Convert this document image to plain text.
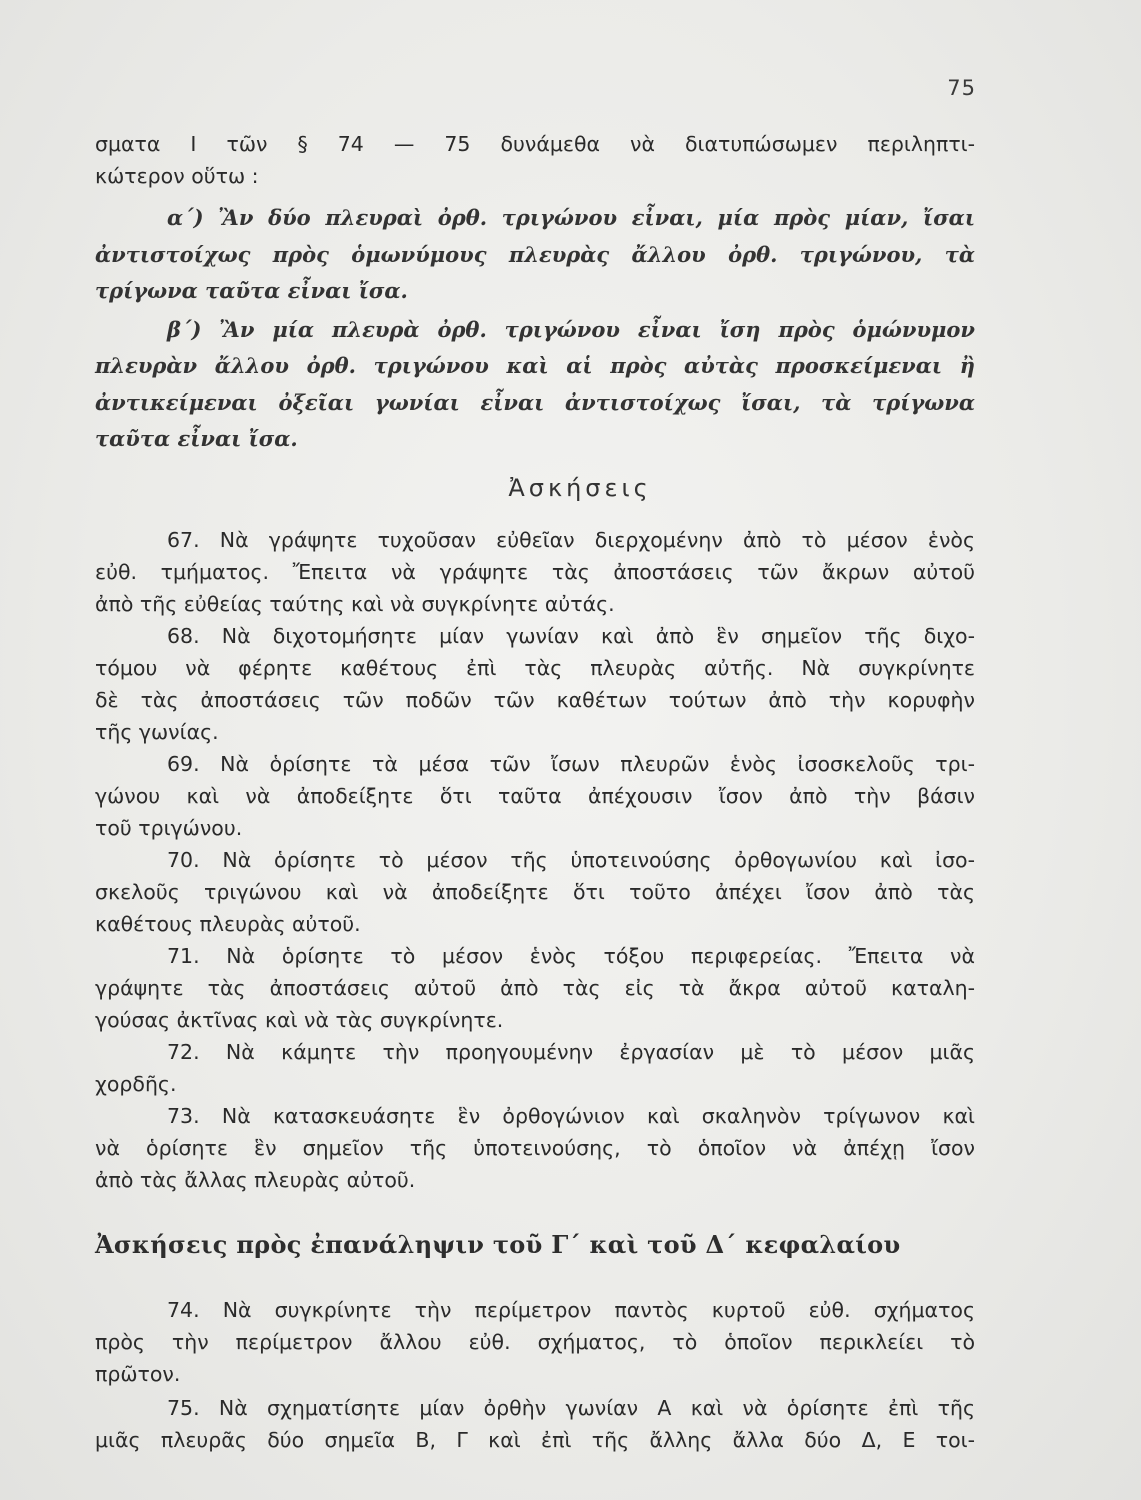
75

σματα I τῶν § 74 — 75 δυνάμεθα νὰ διατυπώσωμεν περιληπτι-

κώτερον οὕτω :

α΄) Ἂν δύο πλευραὶ ὀρθ. τριγώνου εἶναι, μία πρὸς μίαν, ἴσαι

ἀντιστοίχως πρὸς ὁμωνύμους πλευρὰς ἄλλου ὀρθ. τριγώνου, τὰ

τρίγωνα ταῦτα εἶναι ἴσα.

β΄) Ἂν μία πλευρὰ ὀρθ. τριγώνου εἶναι ἴση πρὸς ὁμώνυμον

πλευρὰν ἄλλου ὀρθ. τριγώνου καὶ αἱ πρὸς αὐτὰς προσκείμεναι ἢ

ἀντικείμεναι ὀξεῖαι γωνίαι εἶναι ἀντιστοίχως ἴσαι, τὰ τρίγωνα

ταῦτα εἶναι ἴσα.

Ἀσκήσεις

67. Νὰ γράψητε τυχοῦσαν εὐθεῖαν διερχομένην ἀπὸ τὸ μέσον ἑνὸς

εὐθ. τμήματος. Ἔπειτα νὰ γράψητε τὰς ἀποστάσεις τῶν ἄκρων αὐτοῦ

ἀπὸ τῆς εὐθείας ταύτης καὶ νὰ συγκρίνητε αὐτάς.

68. Νὰ διχοτομήσητε μίαν γωνίαν καὶ ἀπὸ ἓν σημεῖον τῆς διχο-

τόμου νὰ φέρητε καθέτους ἐπὶ τὰς πλευρὰς αὐτῆς. Νὰ συγκρίνητε

δὲ τὰς ἀποστάσεις τῶν ποδῶν τῶν καθέτων τούτων ἀπὸ τὴν κορυφὴν

τῆς γωνίας.

69. Νὰ ὁρίσητε τὰ μέσα τῶν ἴσων πλευρῶν ἑνὸς ἰσοσκελοῦς τρι-

γώνου καὶ νὰ ἀποδείξητε ὅτι ταῦτα ἀπέχουσιν ἴσον ἀπὸ τὴν βάσιν

τοῦ τριγώνου.

70. Νὰ ὁρίσητε τὸ μέσον τῆς ὑποτεινούσης ὀρθογωνίου καὶ ἰσο-

σκελοῦς τριγώνου καὶ νὰ ἀποδείξητε ὅτι τοῦτο ἀπέχει ἴσον ἀπὸ τὰς

καθέτους πλευρὰς αὐτοῦ.

71. Νὰ ὁρίσητε τὸ μέσον ἑνὸς τόξου περιφερείας. Ἔπειτα νὰ

γράψητε τὰς ἀποστάσεις αὐτοῦ ἀπὸ τὰς εἰς τὰ ἄκρα αὐτοῦ καταλη-

γούσας ἀκτῖνας καὶ νὰ τὰς συγκρίνητε.

72. Νὰ κάμητε τὴν προηγουμένην ἐργασίαν μὲ τὸ μέσον μιᾶς

χορδῆς.

73. Νὰ κατασκευάσητε ἓν ὀρθογώνιον καὶ σκαληνὸν τρίγωνον καὶ

νὰ ὁρίσητε ἓν σημεῖον τῆς ὑποτεινούσης, τὸ ὁποῖον νὰ ἀπέχῃ ἴσον

ἀπὸ τὰς ἄλλας πλευρὰς αὐτοῦ.

Ἀσκήσεις πρὸς ἐπανάληψιν τοῦ Γ΄ καὶ τοῦ Δ΄ κεφαλαίου

74. Νὰ συγκρίνητε τὴν περίμετρον παντὸς κυρτοῦ εὐθ. σχήματος

πρὸς τὴν περίμετρον ἄλλου εὐθ. σχήματος, τὸ ὁποῖον περικλείει τὸ

πρῶτον.

75. Νὰ σχηματίσητε μίαν ὀρθὴν γωνίαν Α καὶ νὰ ὁρίσητε ἐπὶ τῆς

μιᾶς πλευρᾶς δύο σημεῖα Β, Γ καὶ ἐπὶ τῆς ἄλλης ἄλλα δύο Δ, Ε τοι-
